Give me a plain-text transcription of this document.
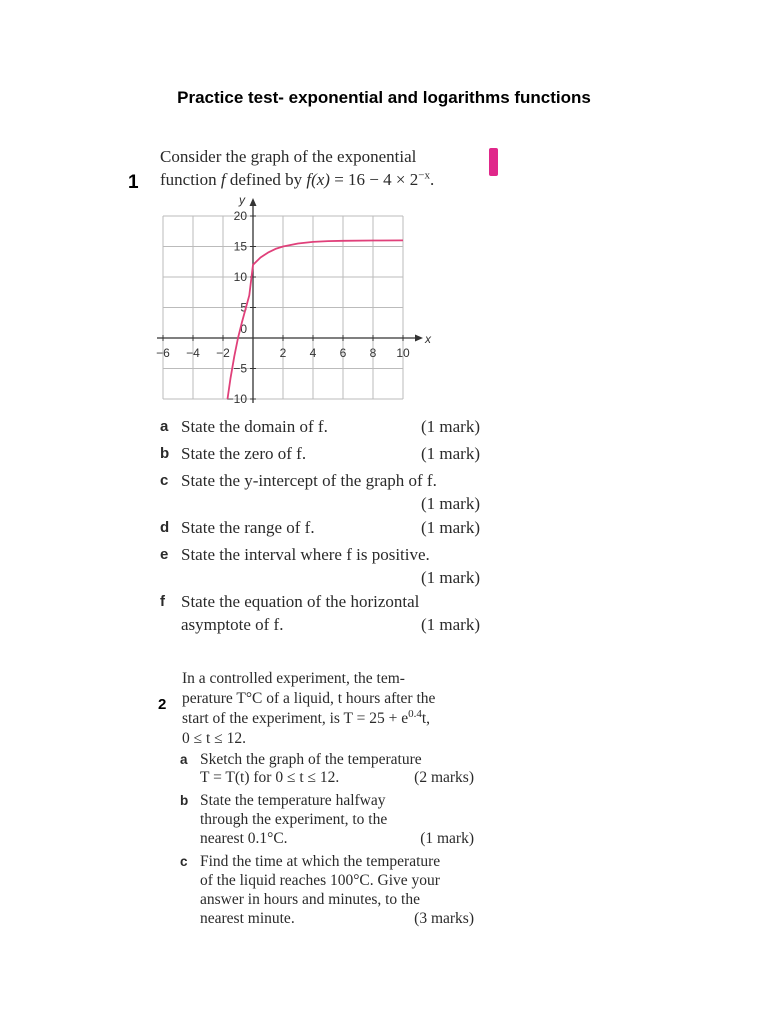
Practice test- exponential and logarithms functions
1
Consider the graph of the exponential
function f defined by $f(x) = 16 - 4 \times 2^{-x}$.
x
y
−6 −4 −2	2 4 6 8 10
20
15
10
5
0
−5
−10
a State the domain of f.	(1 mark)
b State the zero of f.	(1 mark)
c State the y-intercept of the graph of f.
(1 mark)
d State the range of f.	(1 mark)
e State the interval where f is positive.
(1 mark)
f State the equation of the horizontal
asymptote of f.	(1 mark)
2
In a controlled experiment, the tem-
perature T°C of a liquid, t hours after the
start of the experiment, is $T = 25 + e^{0.4}t$,
0 ≤ t ≤ 12.
a Sketch the graph of the temperature
T = T(t) for 0 ≤ t ≤ 12.	(2 marks)
b State the temperature halfway
through the experiment, to the
nearest 0.1°C.	(1 mark)
c Find the time at which the temperature
of the liquid reaches 100°C. Give your
answer in hours and minutes, to the
nearest minute.	(3 marks)
